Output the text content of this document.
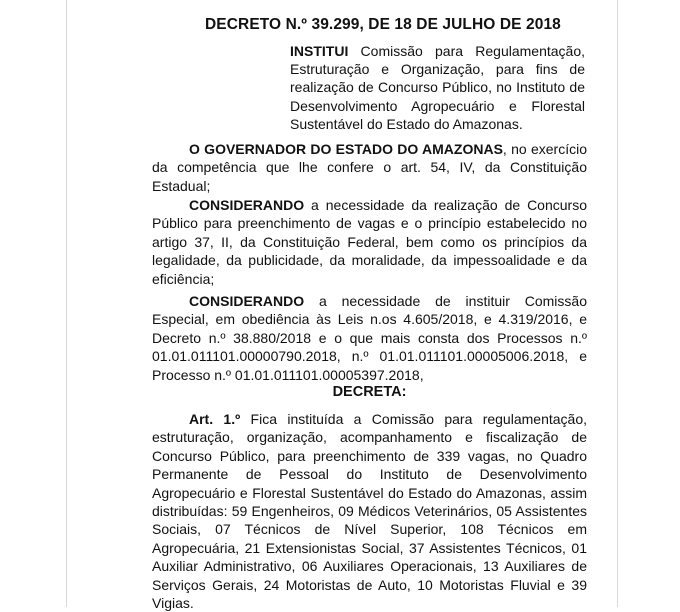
DECRETO N.º 39.299, DE 18 DE JULHO DE 2018
INSTITUI Comissão para Regulamentação, Estruturação e Organização, para fins de realização de Concurso Público, no Instituto de Desenvolvimento Agropecuário e Florestal Sustentável do Estado do Amazonas.
O GOVERNADOR DO ESTADO DO AMAZONAS, no exercício da competência que lhe confere o art. 54, IV, da Constituição Estadual;
CONSIDERANDO a necessidade da realização de Concurso Público para preenchimento de vagas e o princípio estabelecido no artigo 37, II, da Constituição Federal, bem como os princípios da legalidade, da publicidade, da moralidade, da impessoalidade e da eficiência;
CONSIDERANDO a necessidade de instituir Comissão Especial, em obediência às Leis n.os 4.605/2018, e 4.319/2016, e Decreto n.º 38.880/2018 e o que mais consta dos Processos n.º 01.01.011101.00000790.2018, n.º 01.01.011101.00005006.2018, e Processo n.º 01.01.011101.00005397.2018,
DECRETA:
Art. 1.º Fica instituída a Comissão para regulamentação, estruturação, organização, acompanhamento e fiscalização de Concurso Público, para preenchimento de 339 vagas, no Quadro Permanente de Pessoal do Instituto de Desenvolvimento Agropecuário e Florestal Sustentável do Estado do Amazonas, assim distribuídas: 59 Engenheiros, 09 Médicos Veterinários, 05 Assistentes Sociais, 07 Técnicos de Nível Superior, 108 Técnicos em Agropecuária, 21 Extensionistas Social, 37 Assistentes Técnicos, 01 Auxiliar Administrativo, 06 Auxiliares Operacionais, 13 Auxiliares de Serviços Gerais, 24 Motoristas de Auto, 10 Motoristas Fluvial e 39 Vigias.
